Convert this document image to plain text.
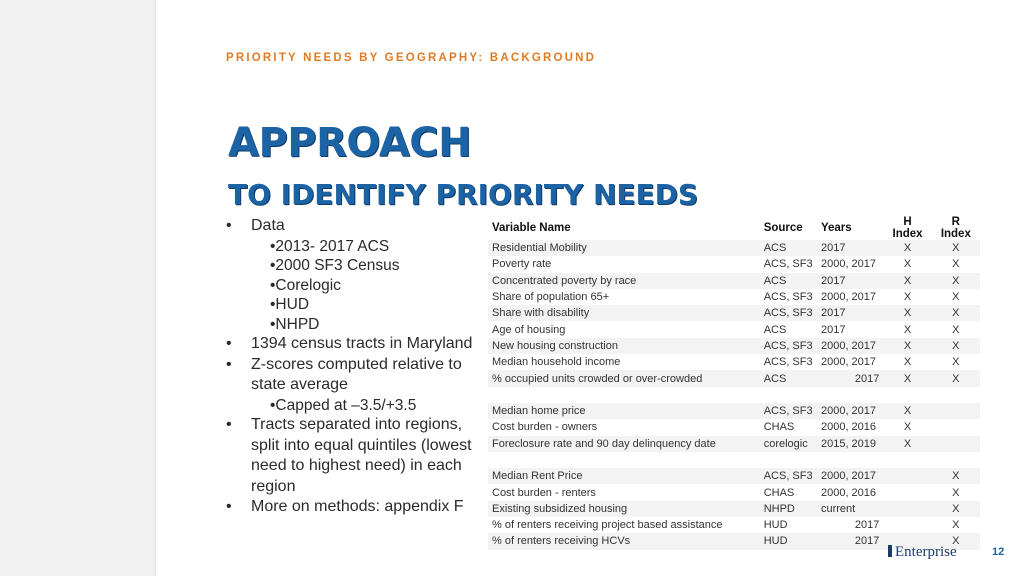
PRIORITY NEEDS BY GEOGRAPHY: BACKGROUND
APPROACH
TO IDENTIFY PRIORITY NEEDS
• Data
•2013- 2017 ACS
•2000 SF3 Census
•Corelogic
•HUD
•NHPD
• 1394 census tracts in Maryland
• Z-scores computed relative to state average
•Capped at –3.5/+3.5
• Tracts separated into regions, split into equal quintiles (lowest need to highest need) in each region
• More on methods: appendix F
Variable Name	Source	Years	H Index	R Index
Residential Mobility	ACS	2017	X	X
Poverty rate	ACS, SF3	2000, 2017	X	X
Concentrated poverty by race	ACS	2017	X	X
Share of population 65+	ACS, SF3	2000, 2017	X	X
Share with disability	ACS, SF3	2017	X	X
Age of housing	ACS	2017	X	X
New housing construction	ACS, SF3	2000, 2017	X	X
Median household income	ACS, SF3	2000, 2017	X	X
% occupied units crowded or over-crowded	ACS	2017	X	X

Median home price	ACS, SF3	2000, 2017	X	
Cost burden - owners	CHAS	2000, 2016	X	
Foreclosure rate and 90 day delinquency date	corelogic	2015, 2019	X	

Median Rent Price	ACS, SF3	2000, 2017		X
Cost burden - renters	CHAS	2000, 2016		X
Existing subsidized housing	NHPD	current		X
% of renters receiving project based assistance	HUD	2017		X
% of renters receiving HCVs	HUD	2017		X
Enterprise	12
